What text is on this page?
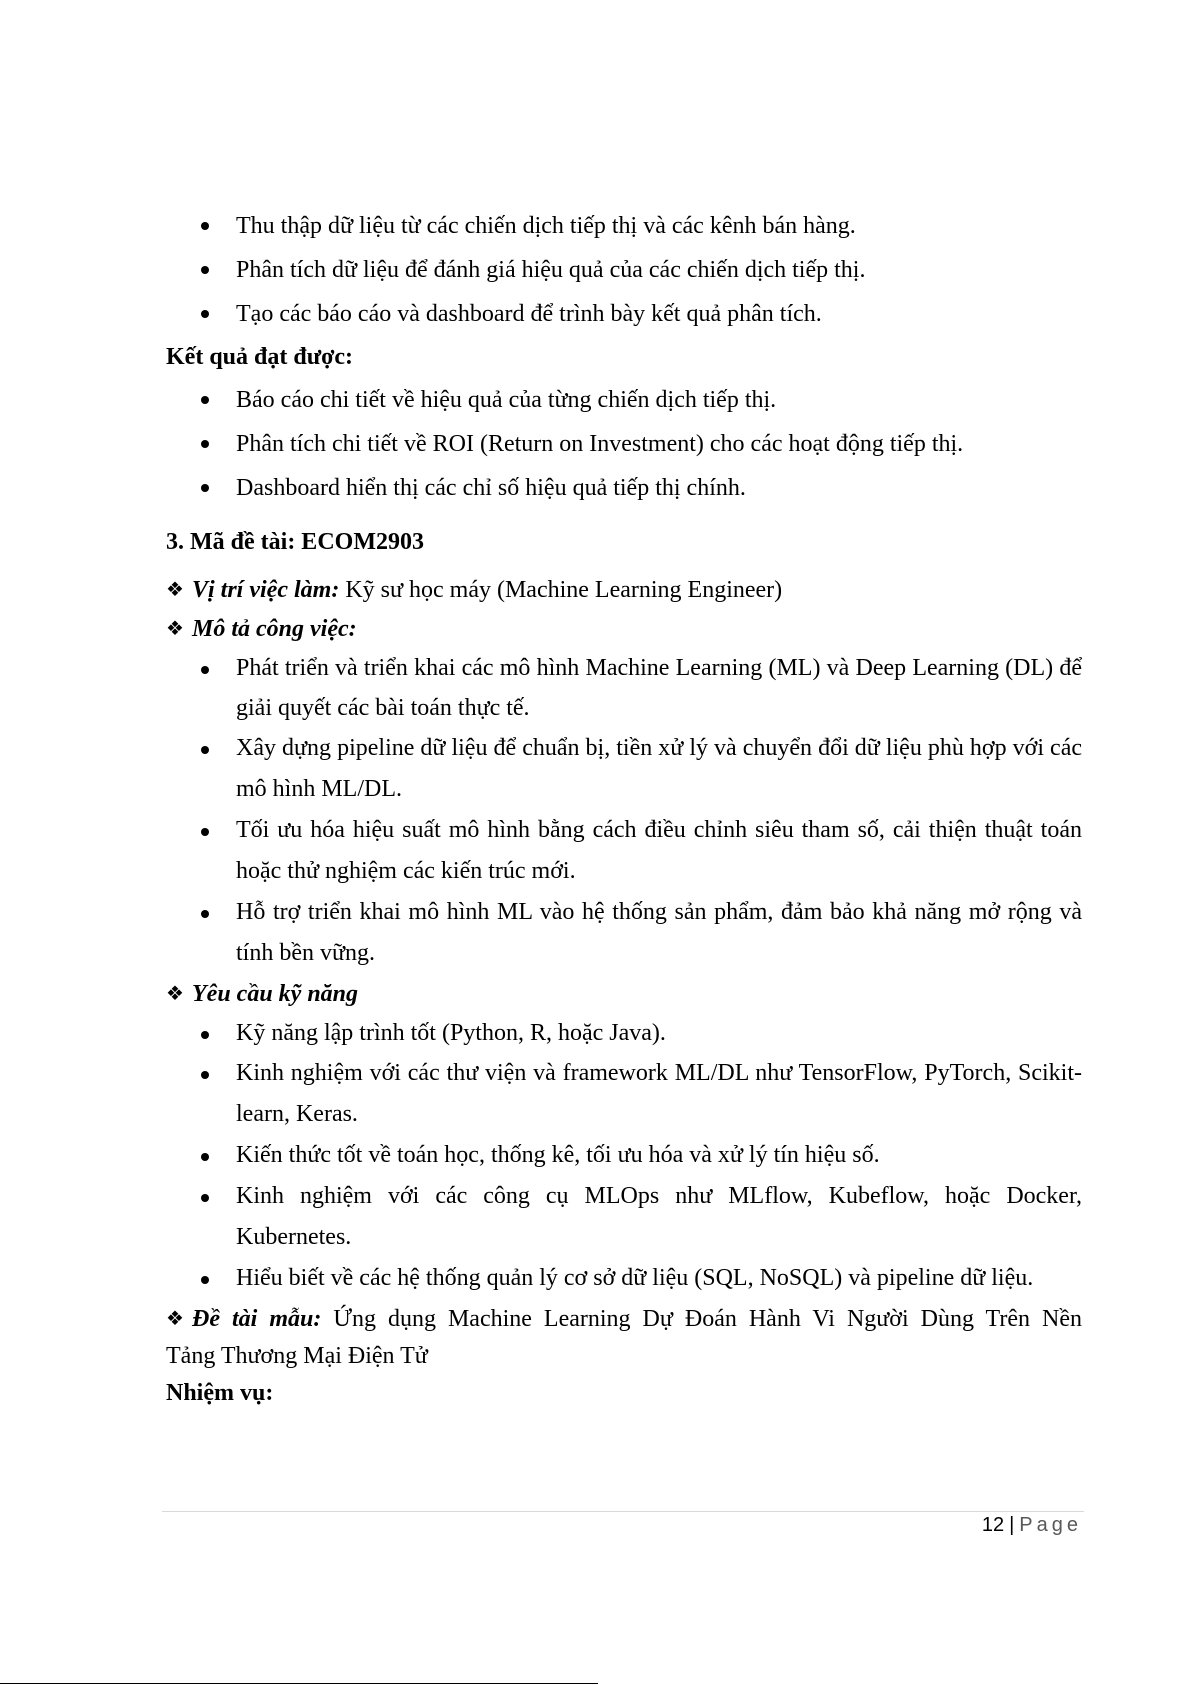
Thu thập dữ liệu từ các chiến dịch tiếp thị và các kênh bán hàng.
Phân tích dữ liệu để đánh giá hiệu quả của các chiến dịch tiếp thị.
Tạo các báo cáo và dashboard để trình bày kết quả phân tích.
Kết quả đạt được:
Báo cáo chi tiết về hiệu quả của từng chiến dịch tiếp thị.
Phân tích chi tiết về ROI (Return on Investment) cho các hoạt động tiếp thị.
Dashboard hiển thị các chỉ số hiệu quả tiếp thị chính.
3. Mã đề tài: ECOM2903
❖ Vị trí việc làm: Kỹ sư học máy (Machine Learning Engineer)
❖ Mô tả công việc:
Phát triển và triển khai các mô hình Machine Learning (ML) và Deep Learning (DL) để giải quyết các bài toán thực tế.
Xây dựng pipeline dữ liệu để chuẩn bị, tiền xử lý và chuyển đổi dữ liệu phù hợp với các mô hình ML/DL.
Tối ưu hóa hiệu suất mô hình bằng cách điều chỉnh siêu tham số, cải thiện thuật toán hoặc thử nghiệm các kiến trúc mới.
Hỗ trợ triển khai mô hình ML vào hệ thống sản phẩm, đảm bảo khả năng mở rộng và tính bền vững.
❖ Yêu cầu kỹ năng
Kỹ năng lập trình tốt (Python, R, hoặc Java).
Kinh nghiệm với các thư viện và framework ML/DL như TensorFlow, PyTorch, Scikit-learn, Keras.
Kiến thức tốt về toán học, thống kê, tối ưu hóa và xử lý tín hiệu số.
Kinh nghiệm với các công cụ MLOps như MLflow, Kubeflow, hoặc Docker, Kubernetes.
Hiểu biết về các hệ thống quản lý cơ sở dữ liệu (SQL, NoSQL) và pipeline dữ liệu.
❖ Đề tài mẫu: Ứng dụng Machine Learning Dự Đoán Hành Vi Người Dùng Trên Nền
Tảng Thương Mại Điện Tử
Nhiệm vụ:
12 | Page
